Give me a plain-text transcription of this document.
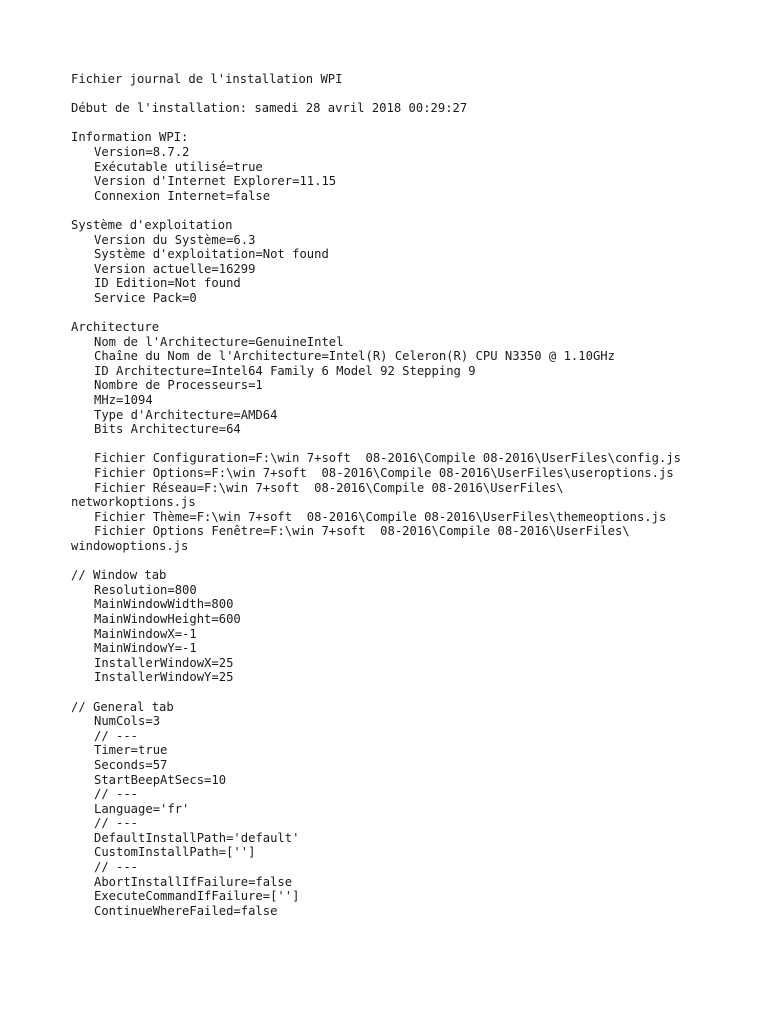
Fichier journal de l'installation WPI
Début de l'installation: samedi 28 avril 2018 00:29:27
Information WPI:
Version=8.7.2
Exécutable utilisé=true
Version d'Internet Explorer=11.15
Connexion Internet=false
Système d'exploitation
Version du Système=6.3
Système d'exploitation=Not found
Version actuelle=16299
ID Edition=Not found
Service Pack=0
Architecture
Nom de l'Architecture=GenuineIntel
Chaîne du Nom de l'Architecture=Intel(R) Celeron(R) CPU N3350 @ 1.10GHz
ID Architecture=Intel64 Family 6 Model 92 Stepping 9
Nombre de Processeurs=1
MHz=1094
Type d'Architecture=AMD64
Bits Architecture=64
Fichier Configuration=F:\win 7+soft  08-2016\Compile 08-2016\UserFiles\config.js
Fichier Options=F:\win 7+soft  08-2016\Compile 08-2016\UserFiles\useroptions.js
Fichier Réseau=F:\win 7+soft  08-2016\Compile 08-2016\UserFiles\
networkoptions.js
Fichier Thème=F:\win 7+soft  08-2016\Compile 08-2016\UserFiles\themeoptions.js
Fichier Options Fenêtre=F:\win 7+soft  08-2016\Compile 08-2016\UserFiles\
windowoptions.js
// Window tab
Resolution=800
MainWindowWidth=800
MainWindowHeight=600
MainWindowX=-1
MainWindowY=-1
InstallerWindowX=25
InstallerWindowY=25
// General tab
NumCols=3
// ---
Timer=true
Seconds=57
StartBeepAtSecs=10
// ---
Language='fr'
// ---
DefaultInstallPath='default'
CustomInstallPath=['']
// ---
AbortInstallIfFailure=false
ExecuteCommandIfFailure=['']
ContinueWhereFailed=false
